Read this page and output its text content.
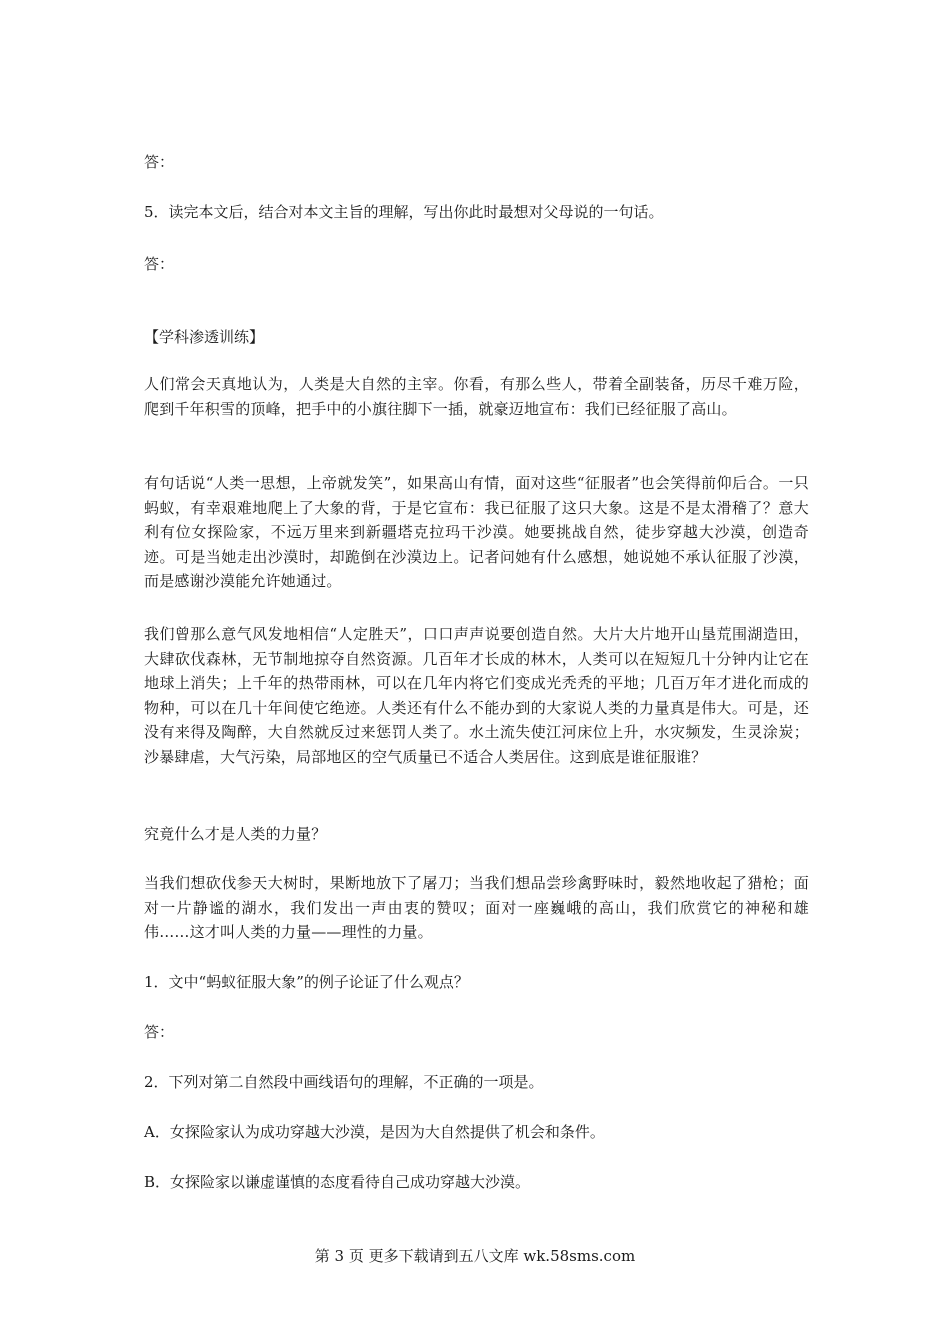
答：
5．读完本文后，结合对本文主旨的理解，写出你此时最想对父母说的一句话。
答：
【学科渗透训练】
人们常会天真地认为，人类是大自然的主宰。你看，有那么些人，带着全副装备，历尽千难万险，爬到千年积雪的顶峰，把手中的小旗往脚下一插，就豪迈地宣布：我们已经征服了高山。
有句话说“人类一思想，上帝就发笑”，如果高山有情，面对这些“征服者”也会笑得前仰后合。一只蚂蚁，有幸艰难地爬上了大象的背，于是它宣布：我已征服了这只大象。这是不是太滑稽了？意大利有位女探险家，不远万里来到新疆塔克拉玛干沙漠。她要挑战自然，徒步穿越大沙漠，创造奇迹。可是当她走出沙漠时，却跪倒在沙漠边上。记者问她有什么感想，她说她不承认征服了沙漠，而是感谢沙漠能允许她通过。
我们曾那么意气风发地相信“人定胜天”，口口声声说要创造自然。大片大片地开山垦荒围湖造田，大肆砍伐森林，无节制地掠夺自然资源。几百年才长成的林木，人类可以在短短几十分钟内让它在地球上消失；上千年的热带雨林，可以在几年内将它们变成光秃秃的平地；几百万年才进化而成的物种，可以在几十年间使它绝迹。人类还有什么不能办到的大家说人类的力量真是伟大。可是，还没有来得及陶醉，大自然就反过来惩罚人类了。水土流失使江河床位上升，水灾频发，生灵涂炭；沙暴肆虐，大气污染，局部地区的空气质量已不适合人类居住。这到底是谁征服谁？
究竟什么才是人类的力量？
当我们想砍伐参天大树时，果断地放下了屠刀；当我们想品尝珍禽野味时，毅然地收起了猎枪；面对一片静谧的湖水，我们发出一声由衷的赞叹；面对一座巍峨的高山，我们欣赏它的神秘和雄伟……这才叫人类的力量——理性的力量。
1．文中“蚂蚁征服大象”的例子论证了什么观点？
答：
2．下列对第二自然段中画线语句的理解，不正确的一项是。
A．女探险家认为成功穿越大沙漠，是因为大自然提供了机会和条件。
B．女探险家以谦虚谨慎的态度看待自己成功穿越大沙漠。
第 3 页 更多下载请到五八文库 wk.58sms.com
